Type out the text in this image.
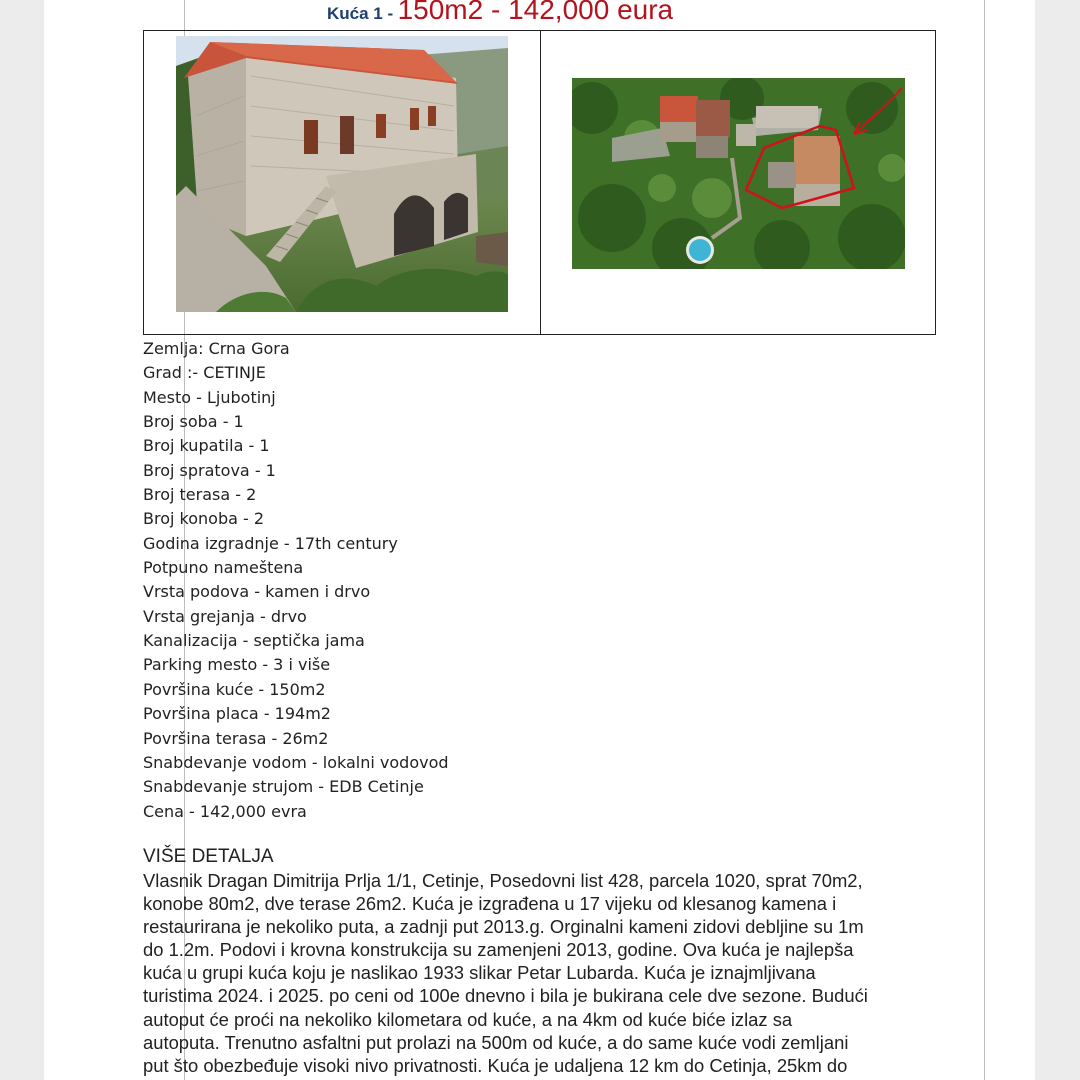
Kuća 1 - 150m2 - 142,000 eura
Zemlja: Crna Gora
Grad :- CETINJE
Mesto - Ljubotinj
Broj soba - 1
Broj kupatila - 1
Broj spratova - 1
Broj terasa - 2
Broj konoba - 2
Godina izgradnje - 17th century
Potpuno nameštena
Vrsta podova - kamen i drvo
Vrsta grejanja - drvo
Kanalizacija - septička jama
Parking mesto - 3 i više
Površina kuće - 150m2
Površina placa - 194m2
Površina terasa - 26m2
Snabdevanje vodom - lokalni vodovod
Snabdevanje strujom - EDB Cetinje
Cena - 142,000 evra
VIŠE DETALJA
Vlasnik Dragan Dimitrija Prlja 1/1, Cetinje, Posedovni list 428, parcela 1020, sprat 70m2,
konobe 80m2, dve terase 26m2. Kuća je izgrađena u 17 vijeku od klesanog kamena i
restaurirana je nekoliko puta, a zadnji put 2013.g. Orginalni kameni zidovi debljine su 1m
do 1.2m. Podovi i krovna konstrukcija su zamenjeni 2013, godine. Ova kuća je najlepša
kuća u grupi kuća koju je naslikao 1933 slikar Petar Lubarda. Kuća je iznajmljivana
turistima 2024. i 2025. po ceni od 100e dnevno i bila je bukirana cele dve sezone. Budući
autoput će proći na nekoliko kilometara od kuće, a na 4km od kuće biće izlaz sa
autoputa. Trenutno asfaltni put prolazi na 500m od kuće, a do same kuće vodi zemljani
put što obezbeđuje visoki nivo privatnosti. Kuća je udaljena 12 km do Cetinja, 25km do
